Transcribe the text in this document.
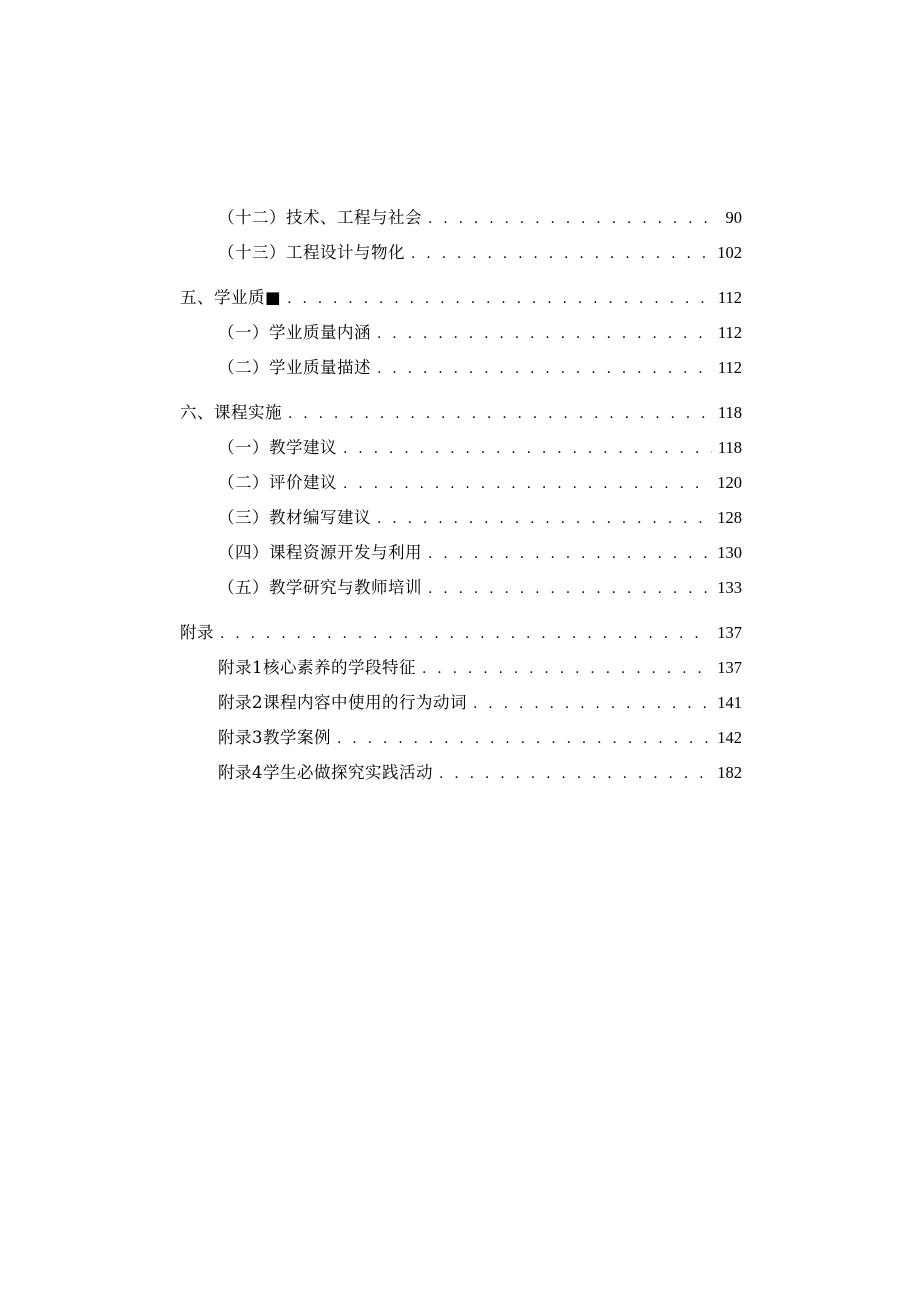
（十二）技术、工程与社会 . . .	90
（十三）工程设计与物化 . . .	102
五、学业质■ . . .	112
（一）学业质量内涵 . . .	112
（二）学业质量描述 . . .	112
六、课程实施 . . .	118
（一）教学建议 . . .	118
（二）评价建议 . . .	120
（三）教材编写建议 . . .	128
（四）课程资源开发与利用 . . .	130
（五）教学研究与教师培训 . . .	133
附录 . . .	137
附录1核心素养的学段特征 . . .	137
附录2课程内容中使用的行为动词 . . .	141
附录3教学案例 . . .	142
附录4学生必做探究实践活动 . . .	182
